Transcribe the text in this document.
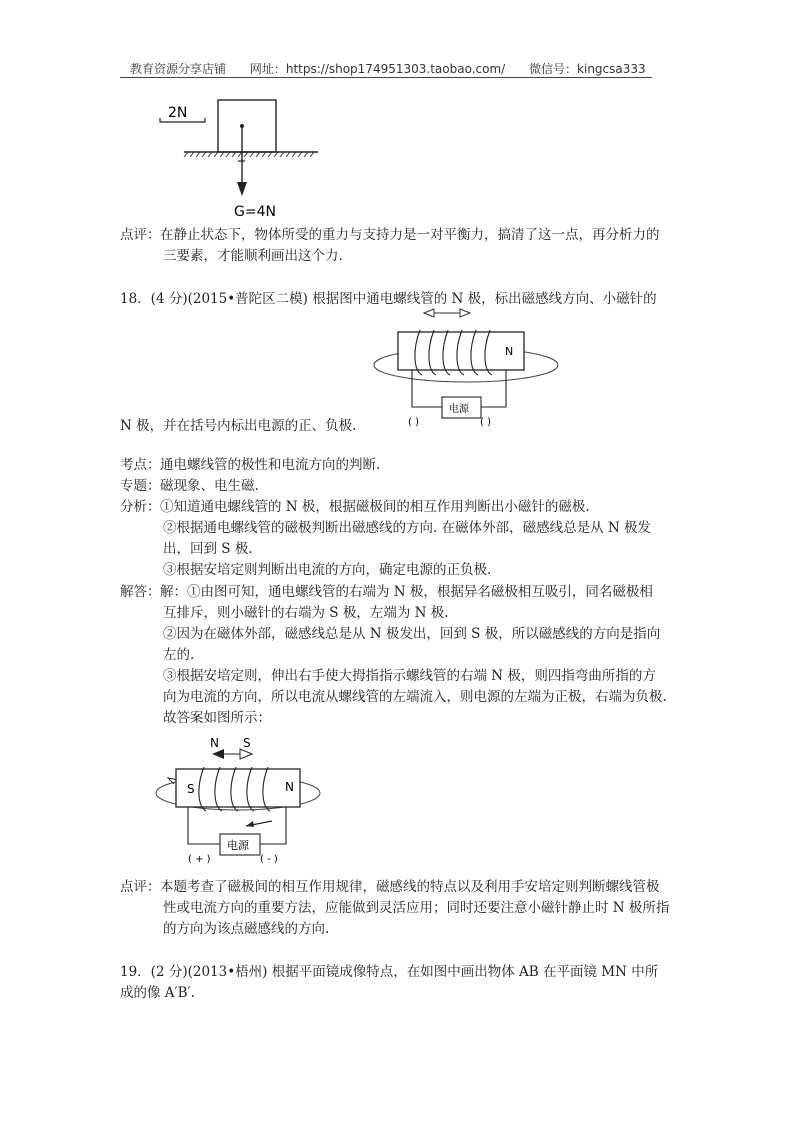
教育资源分享店铺 网址：https://shop174951303.taobao.com/ 微信号：kingcsa333
2N
G=4N
点评：在静止状态下，物体所受的重力与支持力是一对平衡力，搞清了这一点，再分析力的
三要素，才能顺利画出这个力.
18．(4 分)(2015•普陀区二模) 根据图中通电螺线管的 N 极，标出磁感线方向、小磁针的
N
电源
( )	( )
N 极，并在括号内标出电源的正、负极.
考点：通电螺线管的极性和电流方向的判断.
专题：磁现象、电生磁.
分析：①知道通电螺线管的 N 极，根据磁极间的相互作用判断出小磁针的磁极.
②根据通电螺线管的磁极判断出磁感线的方向. 在磁体外部，磁感线总是从 N 极发
出，回到 S 极.
③根据安培定则判断出电流的方向，确定电源的正负极.
解答：解：①由图可知，通电螺线管的右端为 N 极，根据异名磁极相互吸引，同名磁极相
互排斥，则小磁针的右端为 S 极，左端为 N 极.
②因为在磁体外部，磁感线总是从 N 极发出，回到 S 极，所以磁感线的方向是指向
左的.
③根据安培定则，伸出右手使大拇指指示螺线管的右端 N 极，则四指弯曲所指的方
向为电流的方向，所以电流从螺线管的左端流入，则电源的左端为正极，右端为负极.
故答案如图所示：
N S
S	N
电源
( + )	( - )
点评：本题考查了磁极间的相互作用规律，磁感线的特点以及利用手安培定则判断螺线管极
性或电流方向的重要方法，应能做到灵活应用；同时还要注意小磁针静止时 N 极所指
的方向为该点磁感线的方向.
19．(2 分)(2013•梧州) 根据平面镜成像特点，在如图中画出物体 AB 在平面镜 MN 中所
成的像 A′B′.
